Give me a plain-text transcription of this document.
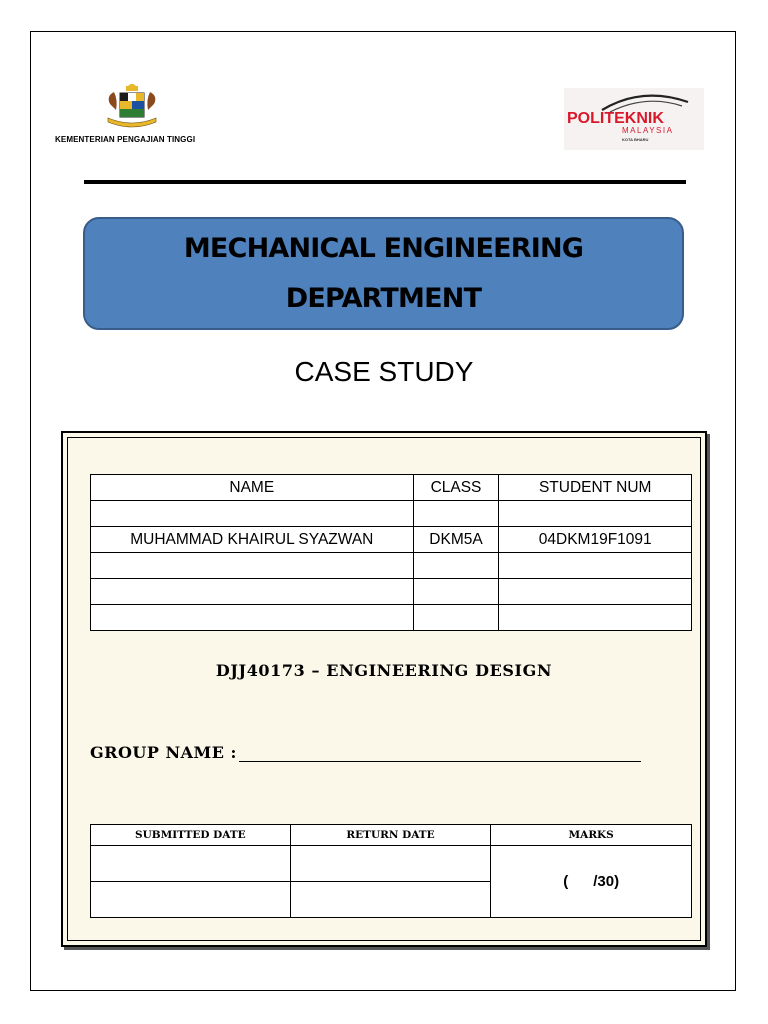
KEMENTERIAN PENGAJIAN TINGGI
POLITEKNIK
MALAYSIA
KOTA BHARU
MECHANICAL ENGINEERING
DEPARTMENT
CASE STUDY
NAME	CLASS	STUDENT NUM

MUHAMMAD KHAIRUL SYAZWAN	DKM5A	04DKM19F1091

DJJ40173 – ENGINEERING DESIGN
GROUP NAME :
SUBMITTED DATE	RETURN DATE	MARKS
		(      /30)
